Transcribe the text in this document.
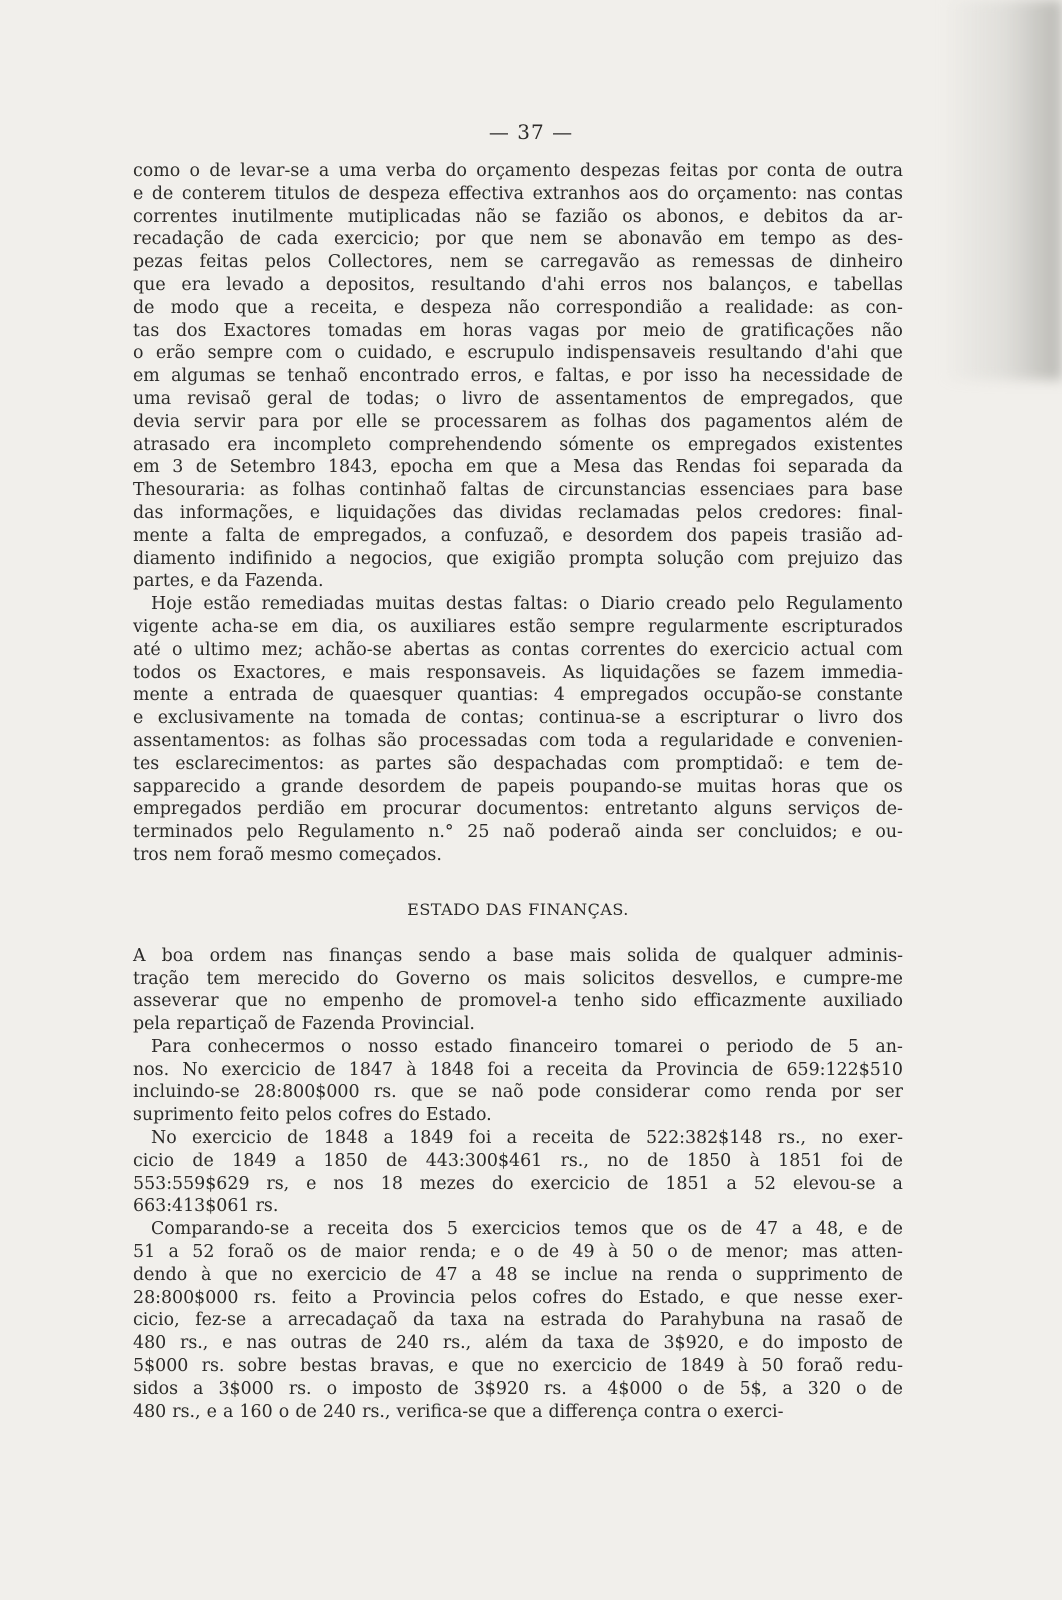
— 37 —
como o de levar-se a uma verba do orçamento despezas feitas por conta de outra
e de conterem titulos de despeza effectiva extranhos aos do orçamento: nas contas
correntes inutilmente mutiplicadas não se fazião os abonos, e debitos da ar-
recadação de cada exercicio; por que nem se abonavão em tempo as des-
pezas feitas pelos Collectores, nem se carregavão as remessas de dinheiro
que era levado a depositos, resultando d'ahi erros nos balanços, e tabellas
de modo que a receita, e despeza não correspondião a realidade: as con-
tas dos Exactores tomadas em horas vagas por meio de gratificações não
o erão sempre com o cuidado, e escrupulo indispensaveis resultando d'ahi que
em algumas se tenhaõ encontrado erros, e faltas, e por isso ha necessidade de
uma revisaõ geral de todas; o livro de assentamentos de empregados, que
devia servir para por elle se processarem as folhas dos pagamentos além de
atrasado era incompleto comprehendendo sómente os empregados existentes
em 3 de Setembro 1843, epocha em que a Mesa das Rendas foi separada da
Thesouraria: as folhas continhaõ faltas de circunstancias essenciaes para base
das informações, e liquidações das dividas reclamadas pelos credores: final-
mente a falta de empregados, a confuzaõ, e desordem dos papeis trasião ad-
diamento indifinido a negocios, que exigião prompta solução com prejuizo das
partes, e da Fazenda.
Hoje estão remediadas muitas destas faltas: o Diario creado pelo Regulamento
vigente acha-se em dia, os auxiliares estão sempre regularmente escripturados
até o ultimo mez; achão-se abertas as contas correntes do exercicio actual com
todos os Exactores, e mais responsaveis. As liquidações se fazem immedia-
mente a entrada de quaesquer quantias: 4 empregados occupão-se constante
e exclusivamente na tomada de contas; continua-se a escripturar o livro dos
assentamentos: as folhas são processadas com toda a regularidade e convenien-
tes esclarecimentos: as partes são despachadas com promptidaõ: e tem de-
sapparecido a grande desordem de papeis poupando-se muitas horas que os
empregados perdião em procurar documentos: entretanto alguns serviços de-
terminados pelo Regulamento n.° 25 naõ poderaõ ainda ser concluidos; e ou-
tros nem foraõ mesmo começados.
ESTADO DAS FINANÇAS.
A boa ordem nas finanças sendo a base mais solida de qualquer adminis-
tração tem merecido do Governo os mais solicitos desvellos, e cumpre-me
asseverar que no empenho de promovel-a tenho sido efficazmente auxiliado
pela repartiçaõ de Fazenda Provincial.
Para conhecermos o nosso estado financeiro tomarei o periodo de 5 an-
nos. No exercicio de 1847 à 1848 foi a receita da Provincia de 659:122$510
incluindo-se 28:800$000 rs. que se naõ pode considerar como renda por ser
suprimento feito pelos cofres do Estado.
No exercicio de 1848 a 1849 foi a receita de 522:382$148 rs., no exer-
cicio de 1849 a 1850 de 443:300$461 rs., no de 1850 à 1851 foi de
553:559$629 rs, e nos 18 mezes do exercicio de 1851 a 52 elevou-se a
663:413$061 rs.
Comparando-se a receita dos 5 exercicios temos que os de 47 a 48, e de
51 a 52 foraõ os de maior renda; e o de 49 à 50 o de menor; mas atten-
dendo à que no exercicio de 47 a 48 se inclue na renda o supprimento de
28:800$000 rs. feito a Provincia pelos cofres do Estado, e que nesse exer-
cicio, fez-se a arrecadaçaõ da taxa na estrada do Parahybuna na rasaõ de
480 rs., e nas outras de 240 rs., além da taxa de 3$920, e do imposto de
5$000 rs. sobre bestas bravas, e que no exercicio de 1849 à 50 foraõ redu-
sidos a 3$000 rs. o imposto de 3$920 rs. a 4$000 o de 5$, a 320 o de
480 rs., e a 160 o de 240 rs., verifica-se que a differença contra o exerci-
